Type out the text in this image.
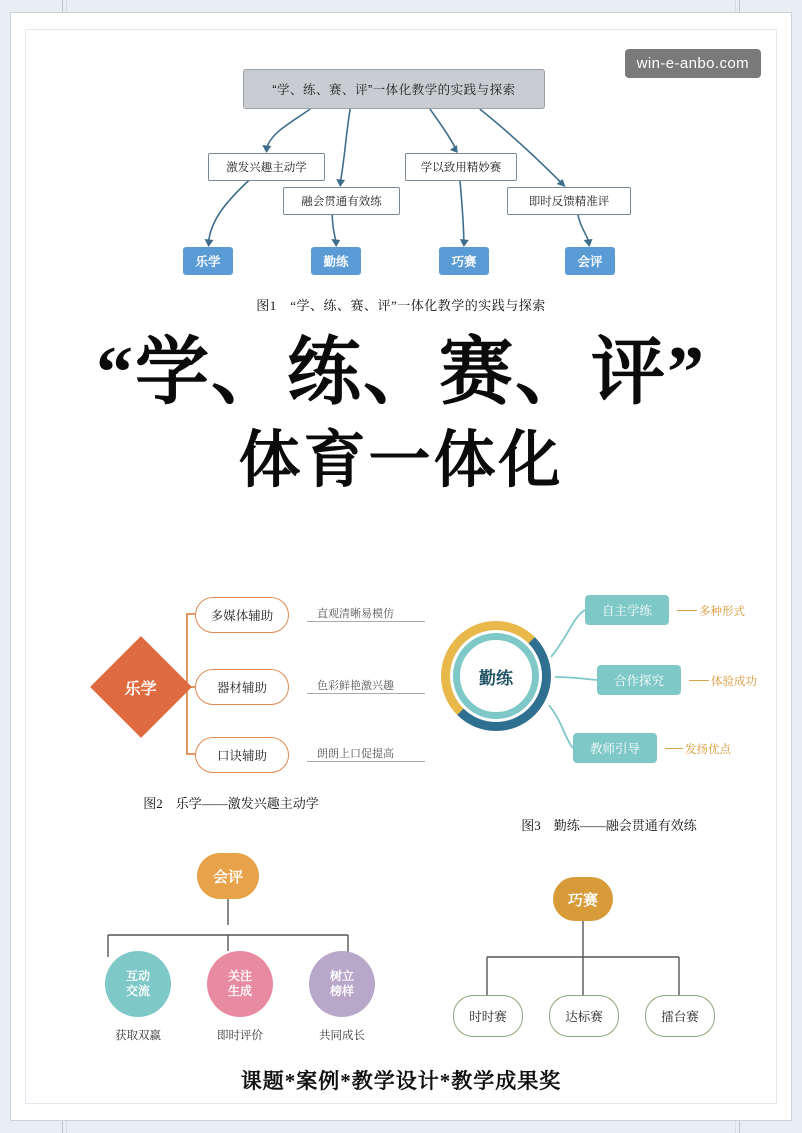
win-e-anbo.com
“学、练、赛、评”一体化教学的实践与探索
激发兴趣主动学
融会贯通有效练
学以致用精妙赛
即时反馈精准评
乐学	勤练	巧赛	会评
图1　“学、练、赛、评”一体化教学的实践与探索
“学、练、赛、评”
体育一体化
乐学
多媒体辅助
器材辅助
口诀辅助
直观清晰易模仿
色彩鲜艳激兴趣
朗朗上口促提高
图2　乐学——激发兴趣主动学
勤练
自主学练
合作探究
教师引导
多种形式
体验成功
发扬优点
图3　勤练——融会贯通有效练
会评
互动
交流
关注
生成
树立
榜样
获取双赢	即时评价	共同成长
巧赛
时时赛	达标赛	擂台赛
课题*案例*教学设计*教学成果奖
